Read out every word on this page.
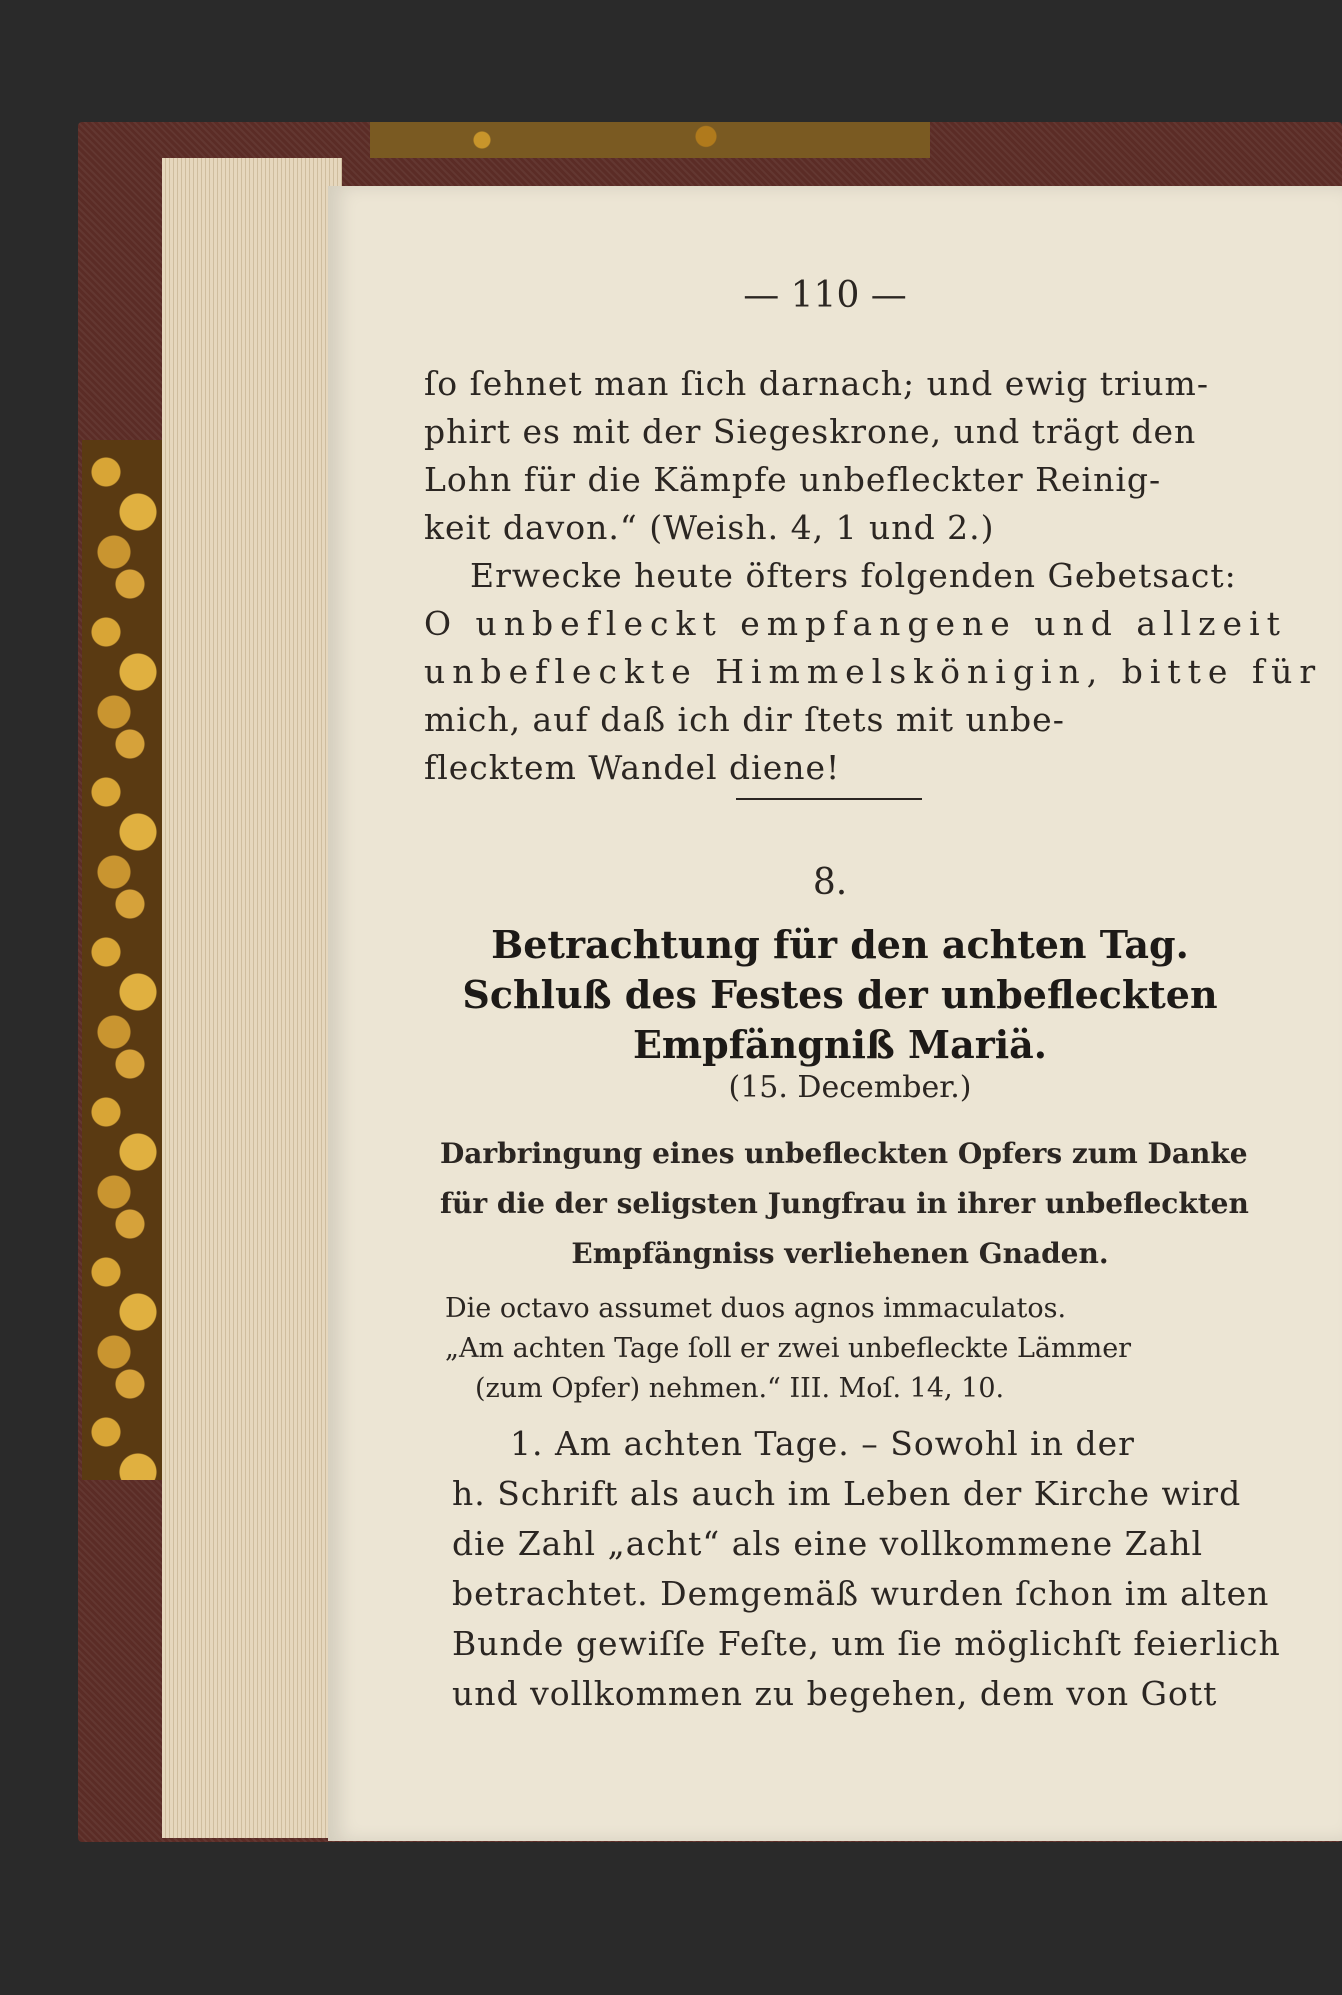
— 110 —
ſo ſehnet man ſich darnach; und ewig trium-
phirt es mit der Siegeskrone, und trägt den
Lohn für die Kämpfe unbefleckter Reinig-
keit davon.“ (Weish. 4, 1 und 2.)
Erwecke heute öfters folgenden Gebetsact:
O unbefleckt empfangene und allzeit
unbefleckte Himmelskönigin, bitte für
mich, auf daß ich dir ſtets mit unbe-
flecktem Wandel diene!
8.
Betrachtung für den achten Tag.
Schluß des Festes der unbefleckten
Empfängniß Mariä.
(15. December.)
Darbringung eines unbefleckten Opfers zum Danke
für die der seligsten Jungfrau in ihrer unbefleckten
Empfängniss verliehenen Gnaden.
Die octavo assumet duos agnos immaculatos.
„Am achten Tage ſoll er zwei unbefleckte Lämmer
(zum Opfer) nehmen.“ III. Moſ. 14, 10.
1. Am achten Tage. – Sowohl in der
h. Schrift als auch im Leben der Kirche wird
die Zahl „acht“ als eine vollkommene Zahl
betrachtet. Demgemäß wurden ſchon im alten
Bunde gewiſſe Feſte, um ſie möglichſt feierlich
und vollkommen zu begehen, dem von Gott
